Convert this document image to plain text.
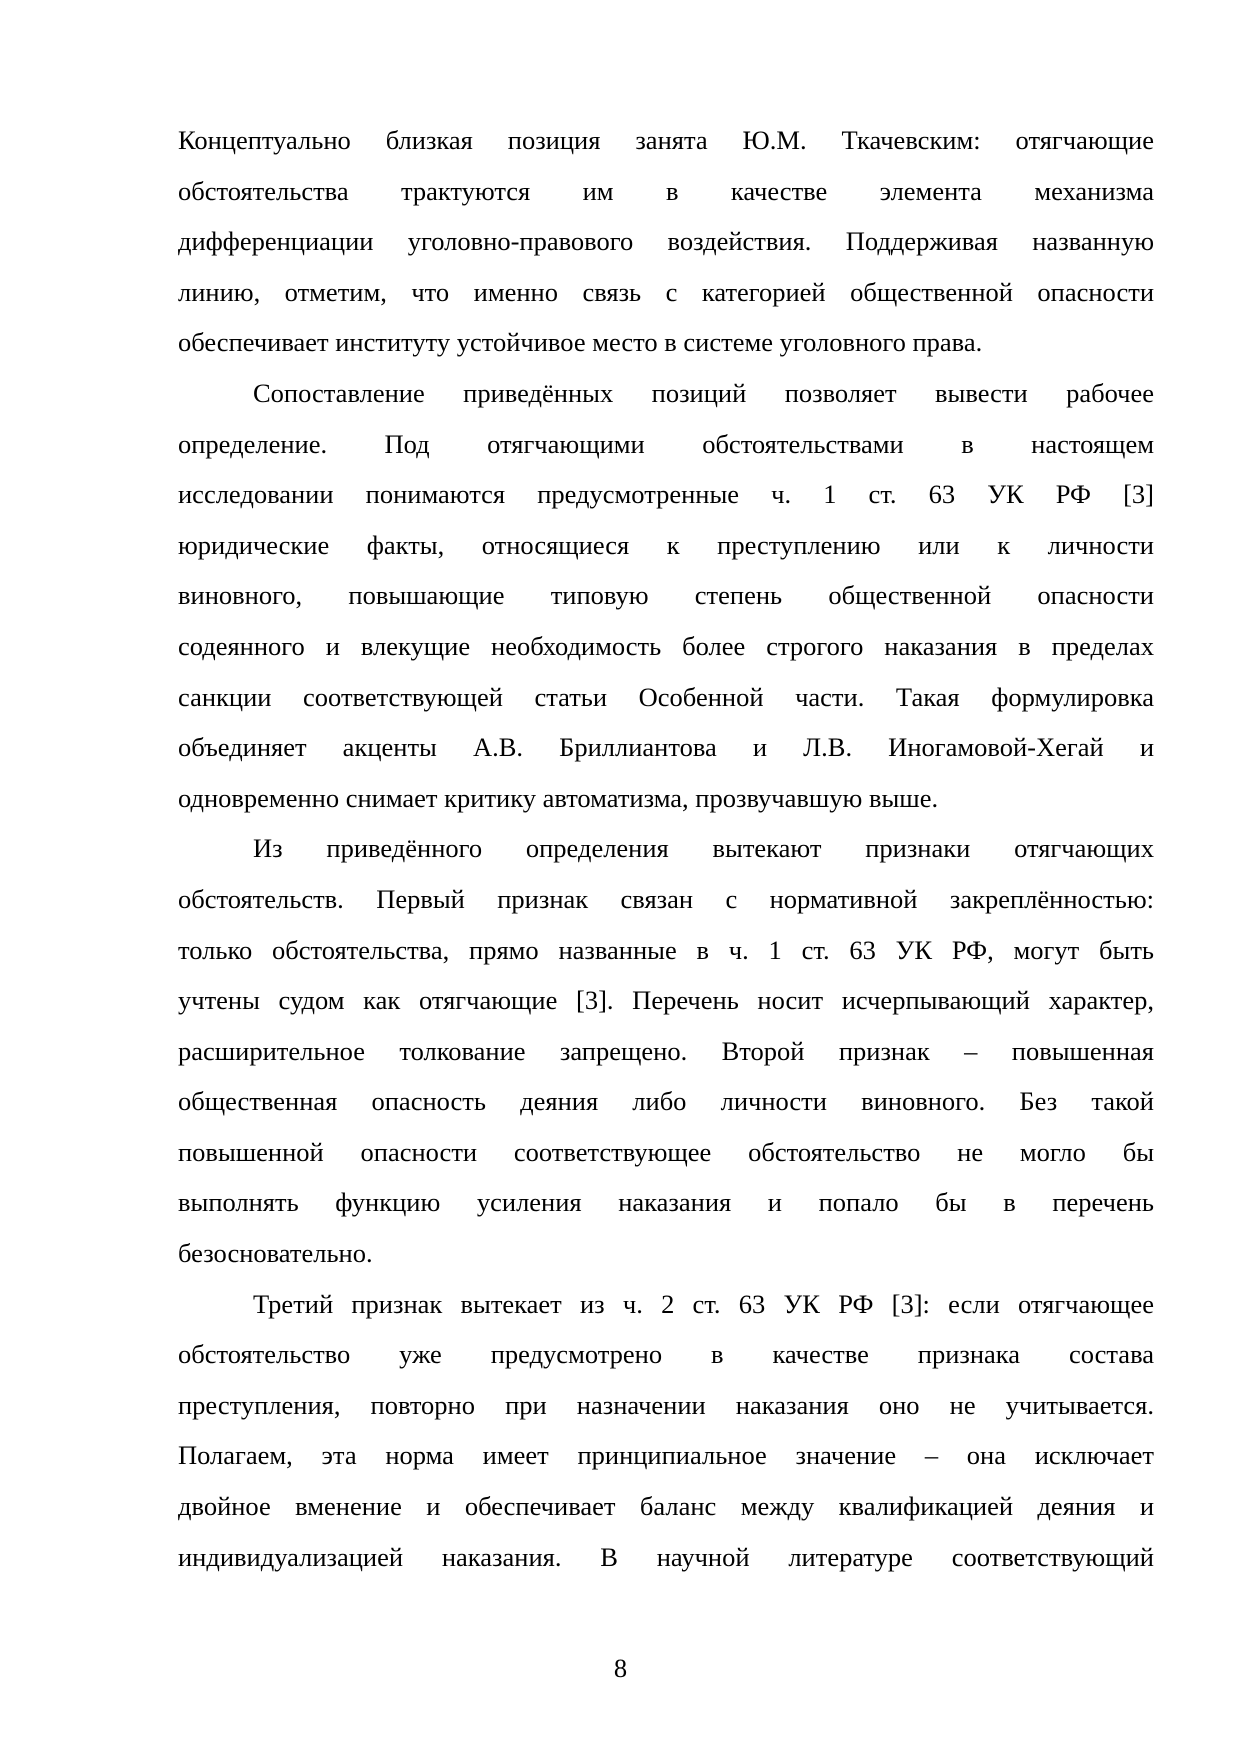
Концептуально близкая позиция занята Ю.М. Ткачевским: отягчающие
обстоятельства трактуются им в качестве элемента механизма
дифференциации уголовно-правового воздействия. Поддерживая названную
линию, отметим, что именно связь с категорией общественной опасности
обеспечивает институту устойчивое место в системе уголовного права.
Сопоставление приведённых позиций позволяет вывести рабочее
определение. Под отягчающими обстоятельствами в настоящем
исследовании понимаются предусмотренные ч. 1 ст. 63 УК РФ [3]
юридические факты, относящиеся к преступлению или к личности
виновного, повышающие типовую степень общественной опасности
содеянного и влекущие необходимость более строгого наказания в пределах
санкции соответствующей статьи Особенной части. Такая формулировка
объединяет акценты А.В. Бриллиантова и Л.В. Иногамовой-Хегай и
одновременно снимает критику автоматизма, прозвучавшую выше.
Из приведённого определения вытекают признаки отягчающих
обстоятельств. Первый признак связан с нормативной закреплённостью:
только обстоятельства, прямо названные в ч. 1 ст. 63 УК РФ, могут быть
учтены судом как отягчающие [3]. Перечень носит исчерпывающий характер,
расширительное толкование запрещено. Второй признак – повышенная
общественная опасность деяния либо личности виновного. Без такой
повышенной опасности соответствующее обстоятельство не могло бы
выполнять функцию усиления наказания и попало бы в перечень
безосновательно.
Третий признак вытекает из ч. 2 ст. 63 УК РФ [3]: если отягчающее
обстоятельство уже предусмотрено в качестве признака состава
преступления, повторно при назначении наказания оно не учитывается.
Полагаем, эта норма имеет принципиальное значение – она исключает
двойное вменение и обеспечивает баланс между квалификацией деяния и
индивидуализацией наказания. В научной литературе соответствующий
8
